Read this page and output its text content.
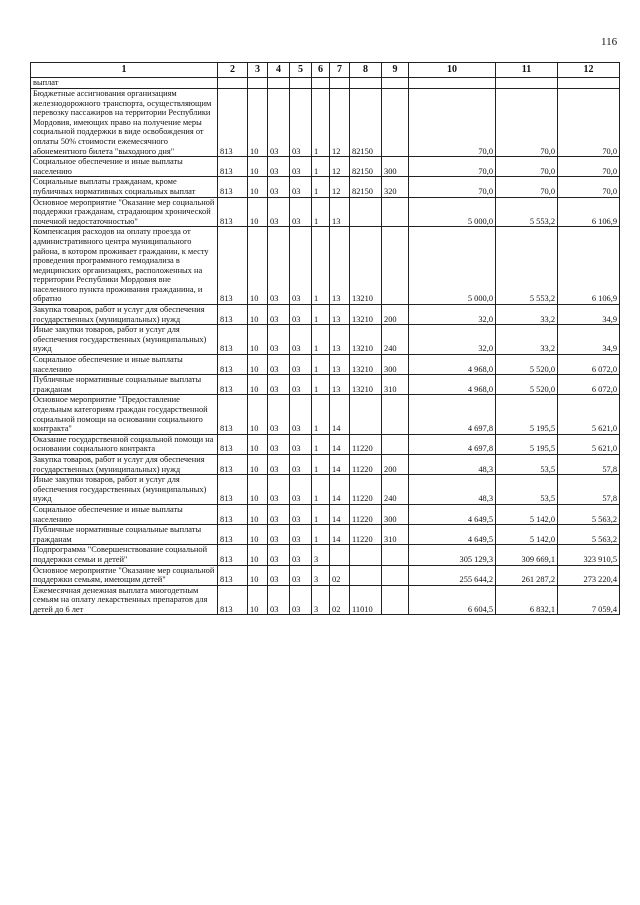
116
1	2	3	4	5	6	7	8	9	10	11	12
выплат											
Бюджетные ассигнования организациям железнодорожного транспорта, осуществляющим перевозку пассажиров на территории Республики Мордовия, имеющих право на получение меры социальной поддержки в виде освобождения от оплаты 50% стоимости ежемесячного абонементного билета "выходного дня"	813	10	03	03	1	12	82150		70,0	70,0	70,0
Социальное обеспечение и иные выплаты населению	813	10	03	03	1	12	82150	300	70,0	70,0	70,0
Социальные выплаты гражданам, кроме публичных нормативных социальных выплат	813	10	03	03	1	12	82150	320	70,0	70,0	70,0
Основное мероприятие "Оказание мер социальной поддержки гражданам, страдающим хронической почечной недостаточностью"	813	10	03	03	1	13			5 000,0	5 553,2	6 106,9
Компенсация расходов на оплату проезда от административного центра муниципального района, в котором проживает гражданин, к месту проведения программного гемодиализа в медицинских организациях, расположенных на территории Республики Мордовия вне населенного пункта проживания гражданина, и обратно	813	10	03	03	1	13	13210		5 000,0	5 553,2	6 106,9
Закупка товаров, работ и услуг для обеспечения государственных (муниципальных) нужд	813	10	03	03	1	13	13210	200	32,0	33,2	34,9
Иные закупки товаров, работ и услуг для обеспечения государственных (муниципальных) нужд	813	10	03	03	1	13	13210	240	32,0	33,2	34,9
Социальное обеспечение и иные выплаты населению	813	10	03	03	1	13	13210	300	4 968,0	5 520,0	6 072,0
Публичные нормативные социальные выплаты гражданам	813	10	03	03	1	13	13210	310	4 968,0	5 520,0	6 072,0
Основное мероприятие "Предоставление отдельным категориям граждан государственной социальной помощи на основании социального контракта"	813	10	03	03	1	14			4 697,8	5 195,5	5 621,0
Оказание государственной социальной помощи на основании социального контракта	813	10	03	03	1	14	11220		4 697,8	5 195,5	5 621,0
Закупка товаров, работ и услуг для обеспечения государственных (муниципальных) нужд	813	10	03	03	1	14	11220	200	48,3	53,5	57,8
Иные закупки товаров, работ и услуг для обеспечения государственных (муниципальных) нужд	813	10	03	03	1	14	11220	240	48,3	53,5	57,8
Социальное обеспечение и иные выплаты населению	813	10	03	03	1	14	11220	300	4 649,5	5 142,0	5 563,2
Публичные нормативные социальные выплаты гражданам	813	10	03	03	1	14	11220	310	4 649,5	5 142,0	5 563,2
Подпрограмма "Совершенствование социальной поддержки семьи и детей"	813	10	03	03	3				305 129,3	309 669,1	323 910,5
Основное мероприятие "Оказание мер социальной поддержки семьям, имеющим детей"	813	10	03	03	3	02			255 644,2	261 287,2	273 220,4
Ежемесячная денежная выплата многодетным семьям на оплату лекарственных препаратов для детей до 6 лет	813	10	03	03	3	02	11010		6 604,5	6 832,1	7 059,4
